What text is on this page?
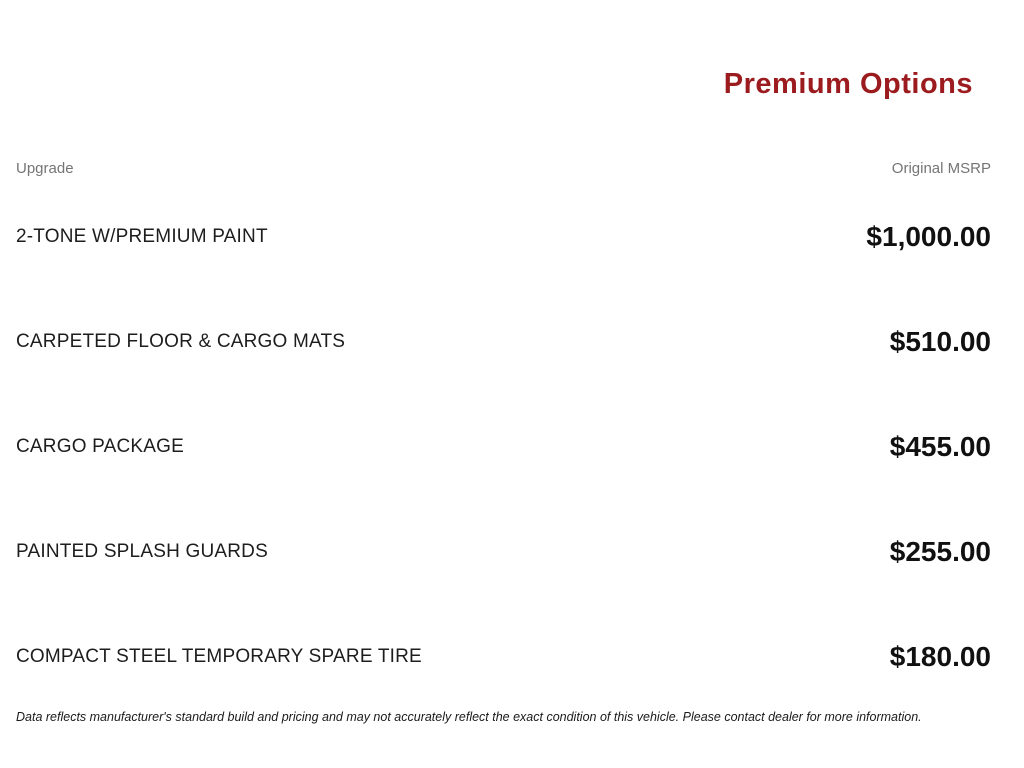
Premium Options
Upgrade	Original MSRP
2-TONE W/PREMIUM PAINT	$1,000.00
CARPETED FLOOR & CARGO MATS	$510.00
CARGO PACKAGE	$455.00
PAINTED SPLASH GUARDS	$255.00
COMPACT STEEL TEMPORARY SPARE TIRE	$180.00
Data reflects manufacturer's standard build and pricing and may not accurately reflect the exact condition of this vehicle. Please contact dealer for more information.
